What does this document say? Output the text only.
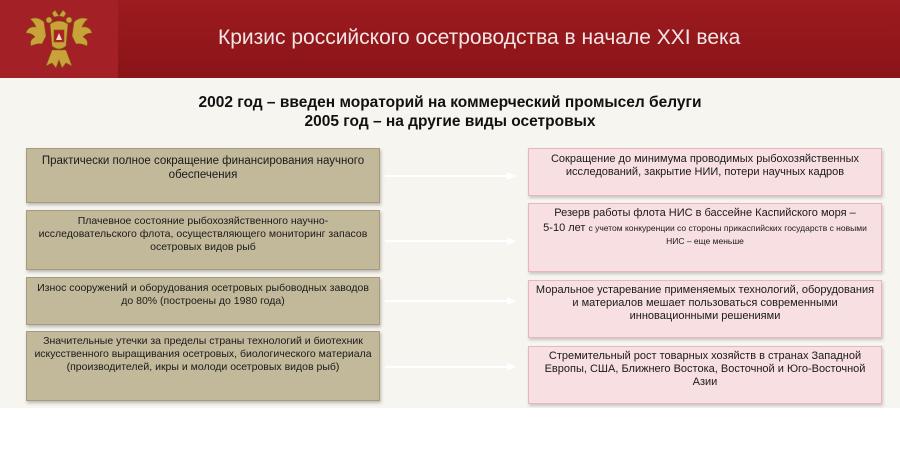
Кризис российского осетроводства в начале XXI века
2002 год – введен мораторий на коммерческий промысел белуги
2005 год – на другие виды осетровых
Практически полное сокращение финансирования научного обеспечения
Плачевное состояние рыбохозяйственного научно-исследовательского флота, осуществляющего мониторинг запасов осетровых видов рыб
Износ сооружений и оборудования осетровых рыбоводных заводов до 80% (построены до 1980 года)
Значительные утечки за пределы страны технологий и биотехник искусственного выращивания осетровых, биологического материала (производителей, икры и молоди осетровых видов рыб)
Сокращение до минимума проводимых рыбохозяйственных исследований, закрытие НИИ, потери научных кадров
Резерв работы флота НИС в бассейне Каспийского моря –
5-10 лет с учетом конкуренции со стороны прикаспийских государств с новыми НИС – еще меньше
Моральное устаревание применяемых технологий, оборудования и материалов мешает пользоваться современными инновационными решениями
Стремительный рост товарных хозяйств в странах Западной Европы, США, Ближнего Востока, Восточной и Юго-Восточной Азии
